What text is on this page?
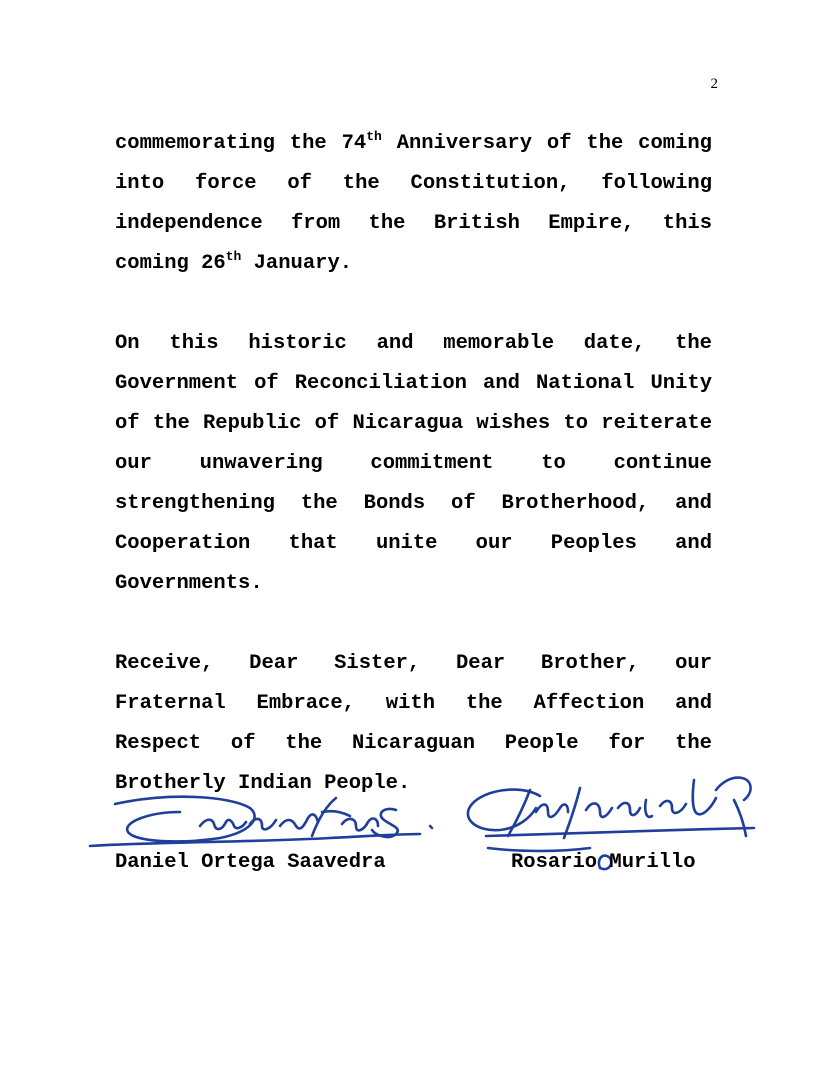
2

commemorating the 74th Anniversary of the coming into force of the Constitution, following independence from the British Empire, this coming 26th January.

On this historic and memorable date, the Government of Reconciliation and National Unity of the Republic of Nicaragua wishes to reiterate our unwavering commitment to continue strengthening the Bonds of Brotherhood, and Cooperation that unite our Peoples and Governments.

Receive, Dear Sister, Dear Brother, our Fraternal Embrace, with the Affection and Respect of the Nicaraguan People for the Brotherly Indian People.

Daniel Ortega Saavedra	Rosario Murillo
